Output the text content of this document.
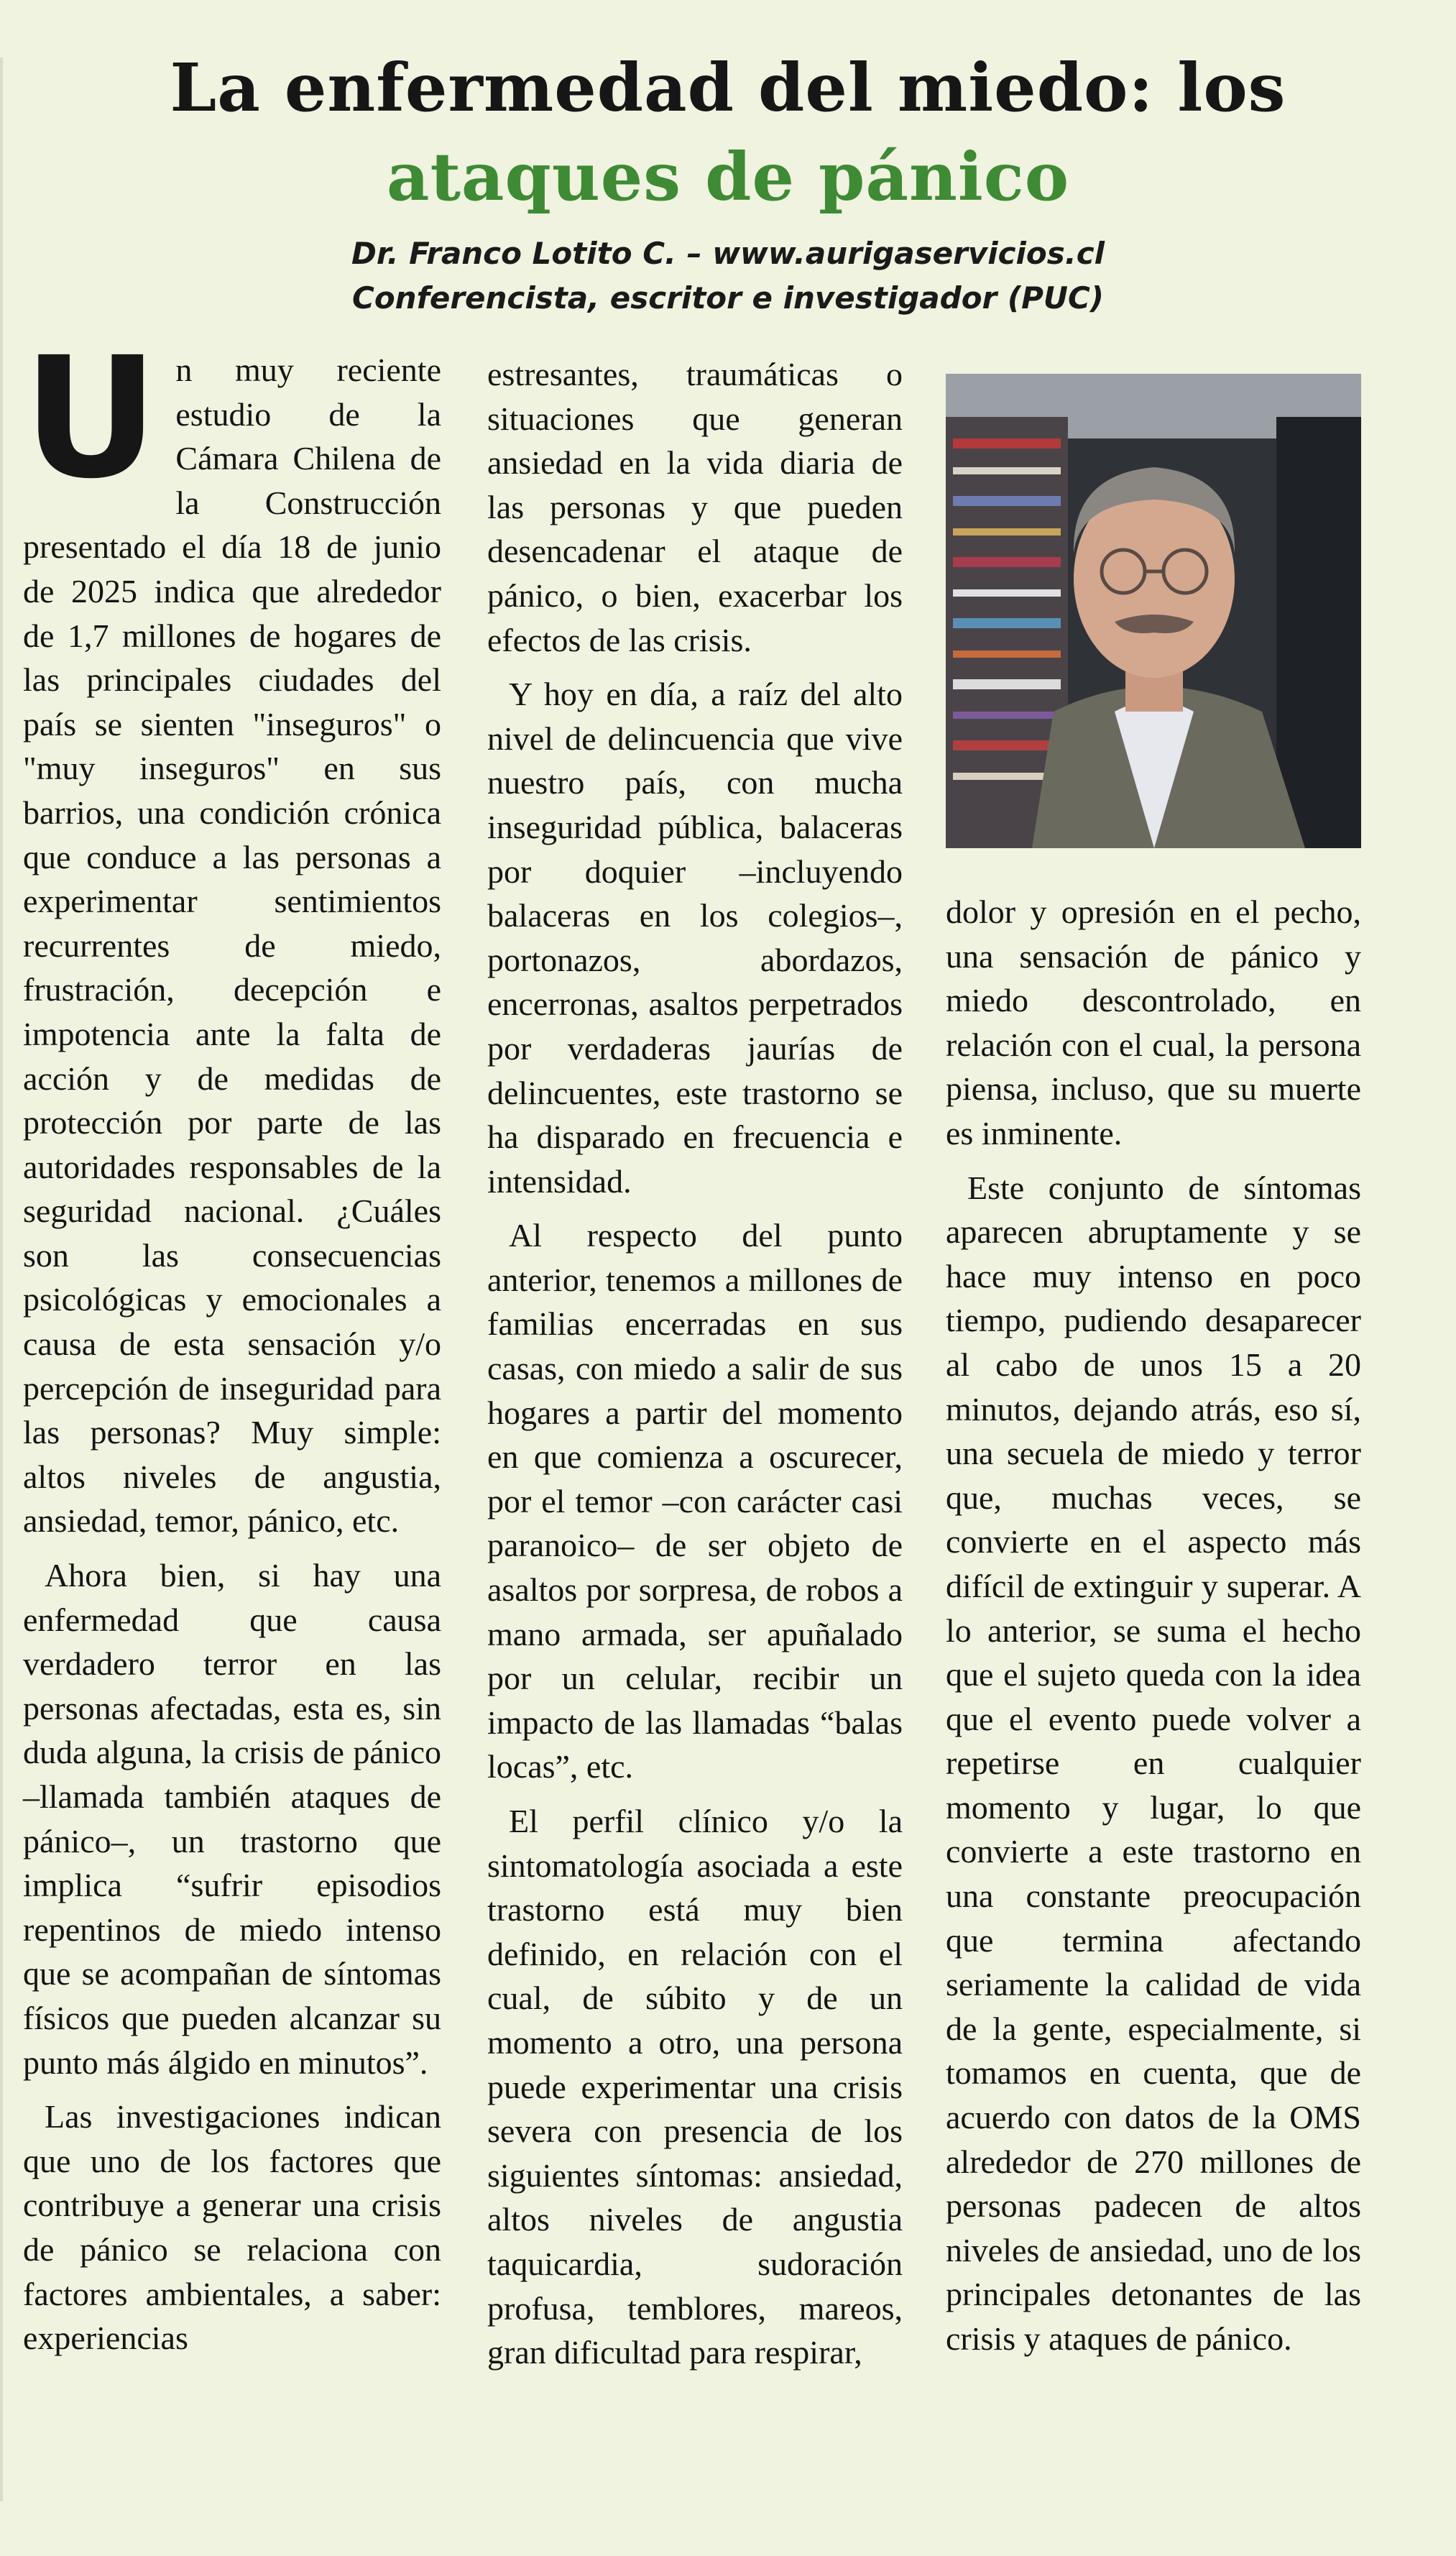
La enfermedad del miedo: los
ataques de pánico
Dr. Franco Lotito C. – www.aurigaservicios.cl
Conferencista, escritor e investigador (PUC)

Un muy reciente estudio de la Cámara Chilena de la Construcción presentado el día 18 de junio de 2025 indica que alrededor de 1,7 millones de hogares de las principales ciudades del país se sienten "inseguros" o "muy inseguros" en sus barrios, una condición crónica que conduce a las personas a experimentar sentimientos recurrentes de miedo, frustración, decepción e impotencia ante la falta de acción y de medidas de protección por parte de las autoridades responsables de la seguridad nacional. ¿Cuáles son las consecuencias psicológicas y emocionales a causa de esta sensación y/o percepción de inseguridad para las personas? Muy simple: altos niveles de angustia, ansiedad, temor, pánico, etc.

Ahora bien, si hay una enfermedad que causa verdadero terror en las personas afectadas, esta es, sin duda alguna, la crisis de pánico –llamada también ataques de pánico–, un trastorno que implica “sufrir episodios repentinos de miedo intenso que se acompañan de síntomas físicos que pueden alcanzar su punto más álgido en minutos”.

Las investigaciones indican que uno de los factores que contribuye a generar una crisis de pánico se relaciona con factores ambientales, a saber: experiencias

estresantes, traumáticas o situaciones que generan ansiedad en la vida diaria de las personas y que pueden desencadenar el ataque de pánico, o bien, exacerbar los efectos de las crisis.

Y hoy en día, a raíz del alto nivel de delincuencia que vive nuestro país, con mucha inseguridad pública, balaceras por doquier –incluyendo balaceras en los colegios–, portonazos, abordazos, encerronas, asaltos perpetrados por verdaderas jaurías de delincuentes, este trastorno se ha disparado en frecuencia e intensidad.

Al respecto del punto anterior, tenemos a millones de familias encerradas en sus casas, con miedo a salir de sus hogares a partir del momento en que comienza a oscurecer, por el temor –con carácter casi paranoico– de ser objeto de asaltos por sorpresa, de robos a mano armada, ser apuñalado por un celular, recibir un impacto de las llamadas “balas locas”, etc.

El perfil clínico y/o la sintomatología asociada a este trastorno está muy bien definido, en relación con el cual, de súbito y de un momento a otro, una persona puede experimentar una crisis severa con presencia de los siguientes síntomas: ansiedad, altos niveles de angustia taquicardia, sudoración profusa, temblores, mareos, gran dificultad para respirar,

dolor y opresión en el pecho, una sensación de pánico y miedo descontrolado, en relación con el cual, la persona piensa, incluso, que su muerte es inminente.

Este conjunto de síntomas aparecen abruptamente y se hace muy intenso en poco tiempo, pudiendo desaparecer al cabo de unos 15 a 20 minutos, dejando atrás, eso sí, una secuela de miedo y terror que, muchas veces, se convierte en el aspecto más difícil de extinguir y superar. A lo anterior, se suma el hecho que el sujeto queda con la idea que el evento puede volver a repetirse en cualquier momento y lugar, lo que convierte a este trastorno en una constante preocupación que termina afectando seriamente la calidad de vida de la gente, especialmente, si tomamos en cuenta, que de acuerdo con datos de la OMS alrededor de 270 millones de personas padecen de altos niveles de ansiedad, uno de los principales detonantes de las crisis y ataques de pánico.
